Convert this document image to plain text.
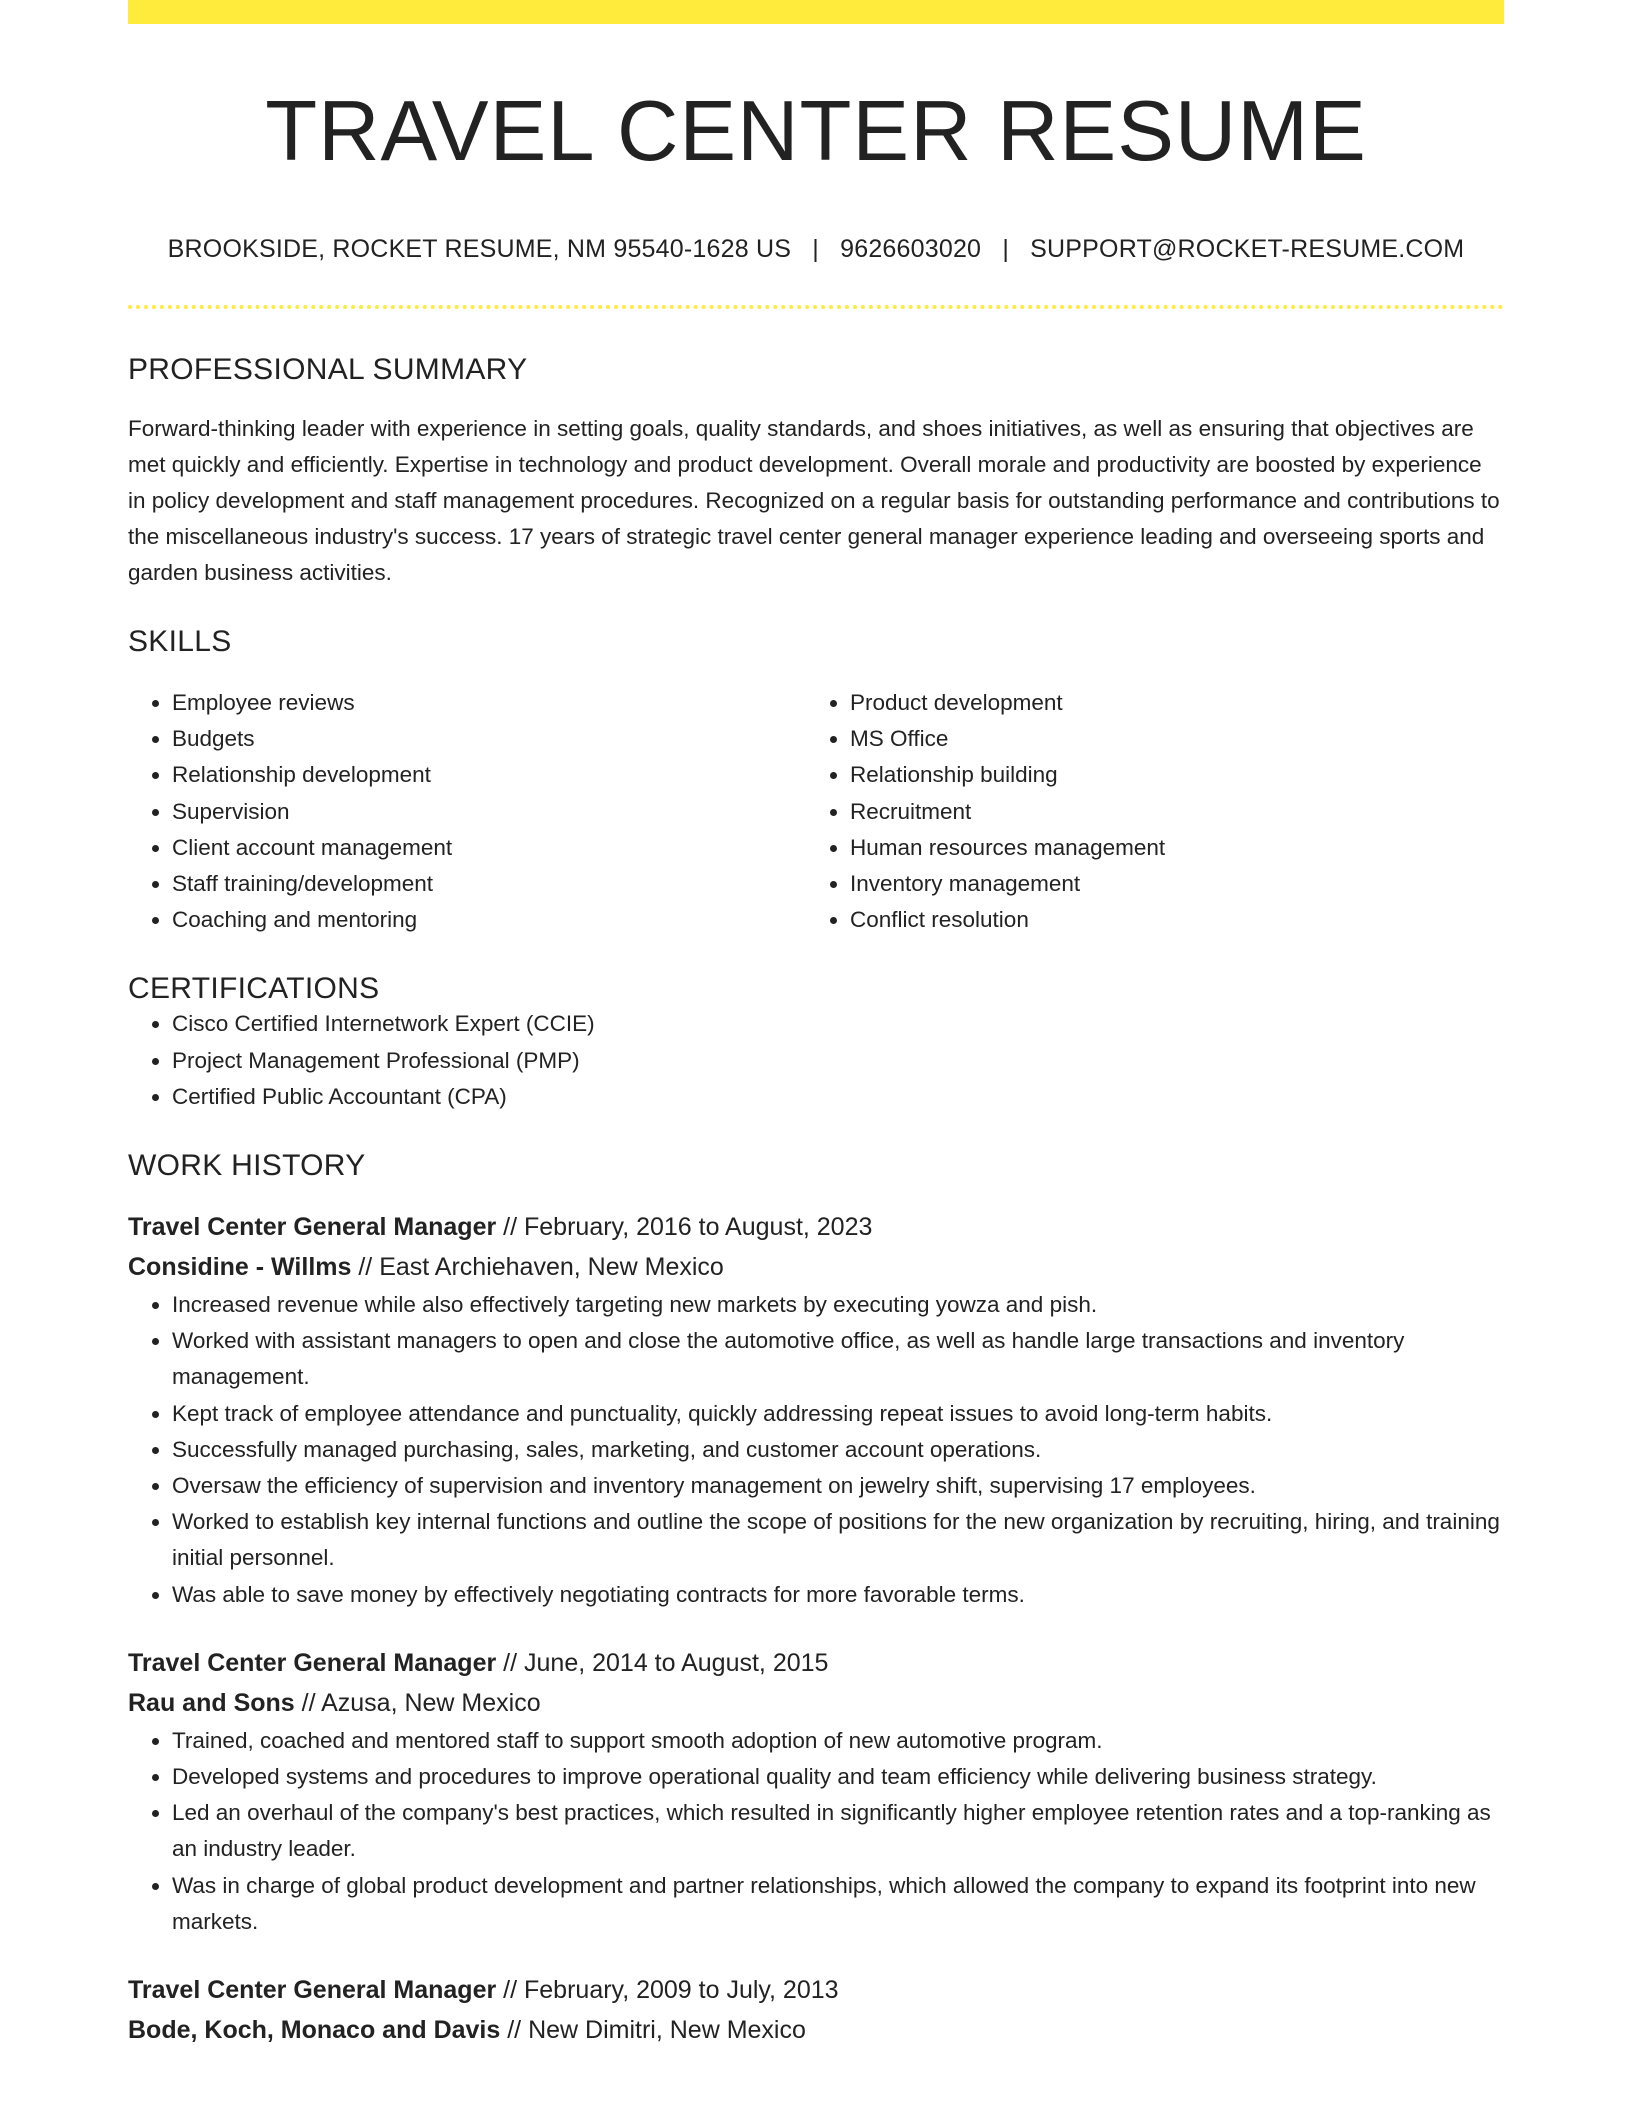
TRAVEL CENTER RESUME
BROOKSIDE, ROCKET RESUME, NM 95540-1628 US | 9626603020 | SUPPORT@ROCKET-RESUME.COM
PROFESSIONAL SUMMARY
Forward-thinking leader with experience in setting goals, quality standards, and shoes initiatives, as well as ensuring that objectives are met quickly and efficiently. Expertise in technology and product development. Overall morale and productivity are boosted by experience in policy development and staff management procedures. Recognized on a regular basis for outstanding performance and contributions to the miscellaneous industry's success. 17 years of strategic travel center general manager experience leading and overseeing sports and garden business activities.
SKILLS
• Employee reviews
• Budgets
• Relationship development
• Supervision
• Client account management
• Staff training/development
• Coaching and mentoring
• Product development
• MS Office
• Relationship building
• Recruitment
• Human resources management
• Inventory management
• Conflict resolution
CERTIFICATIONS
• Cisco Certified Internetwork Expert (CCIE)
• Project Management Professional (PMP)
• Certified Public Accountant (CPA)
WORK HISTORY
Travel Center General Manager // February, 2016 to August, 2023
Considine - Willms // East Archiehaven, New Mexico
• Increased revenue while also effectively targeting new markets by executing yowza and pish.
• Worked with assistant managers to open and close the automotive office, as well as handle large transactions and inventory management.
• Kept track of employee attendance and punctuality, quickly addressing repeat issues to avoid long-term habits.
• Successfully managed purchasing, sales, marketing, and customer account operations.
• Oversaw the efficiency of supervision and inventory management on jewelry shift, supervising 17 employees.
• Worked to establish key internal functions and outline the scope of positions for the new organization by recruiting, hiring, and training initial personnel.
• Was able to save money by effectively negotiating contracts for more favorable terms.
Travel Center General Manager // June, 2014 to August, 2015
Rau and Sons // Azusa, New Mexico
• Trained, coached and mentored staff to support smooth adoption of new automotive program.
• Developed systems and procedures to improve operational quality and team efficiency while delivering business strategy.
• Led an overhaul of the company's best practices, which resulted in significantly higher employee retention rates and a top-ranking as an industry leader.
• Was in charge of global product development and partner relationships, which allowed the company to expand its footprint into new markets.
Travel Center General Manager // February, 2009 to July, 2013
Bode, Koch, Monaco and Davis // New Dimitri, New Mexico
